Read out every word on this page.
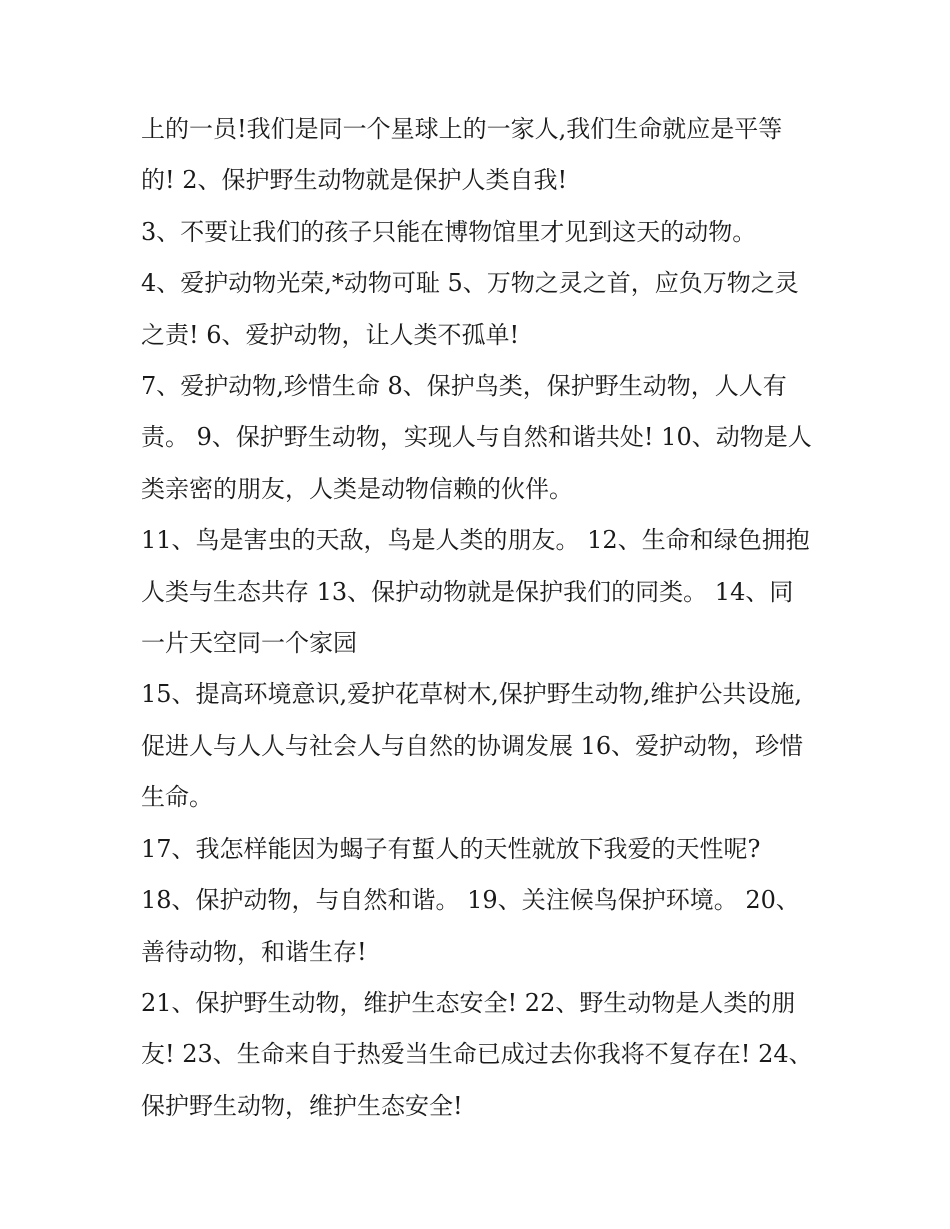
上的一员!我们是同一个星球上的一家人,我们生命就应是平等的! 2、保护野生动物就是保护人类自我!

3、不要让我们的孩子只能在博物馆里才见到这天的动物。

4、爱护动物光荣,*动物可耻 5、万物之灵之首，应负万物之灵之责! 6、爱护动物，让人类不孤单!

7、爱护动物,珍惜生命 8、保护鸟类，保护野生动物，人人有责。 9、保护野生动物，实现人与自然和谐共处! 10、动物是人类亲密的朋友，人类是动物信赖的伙伴。

11、鸟是害虫的天敌，鸟是人类的朋友。 12、生命和绿色拥抱人类与生态共存 13、保护动物就是保护我们的同类。 14、同一片天空同一个家园

15、提高环境意识,爱护花草树木,保护野生动物,维护公共设施,促进人与人人与社会人与自然的协调发展 16、爱护动物，珍惜生命。

17、我怎样能因为蝎子有蜇人的天性就放下我爱的天性呢?

18、保护动物，与自然和谐。 19、关注候鸟保护环境。 20、善待动物，和谐生存!

21、保护野生动物，维护生态安全! 22、野生动物是人类的朋友! 23、生命来自于热爱当生命已成过去你我将不复存在! 24、保护野生动物，维护生态安全!
